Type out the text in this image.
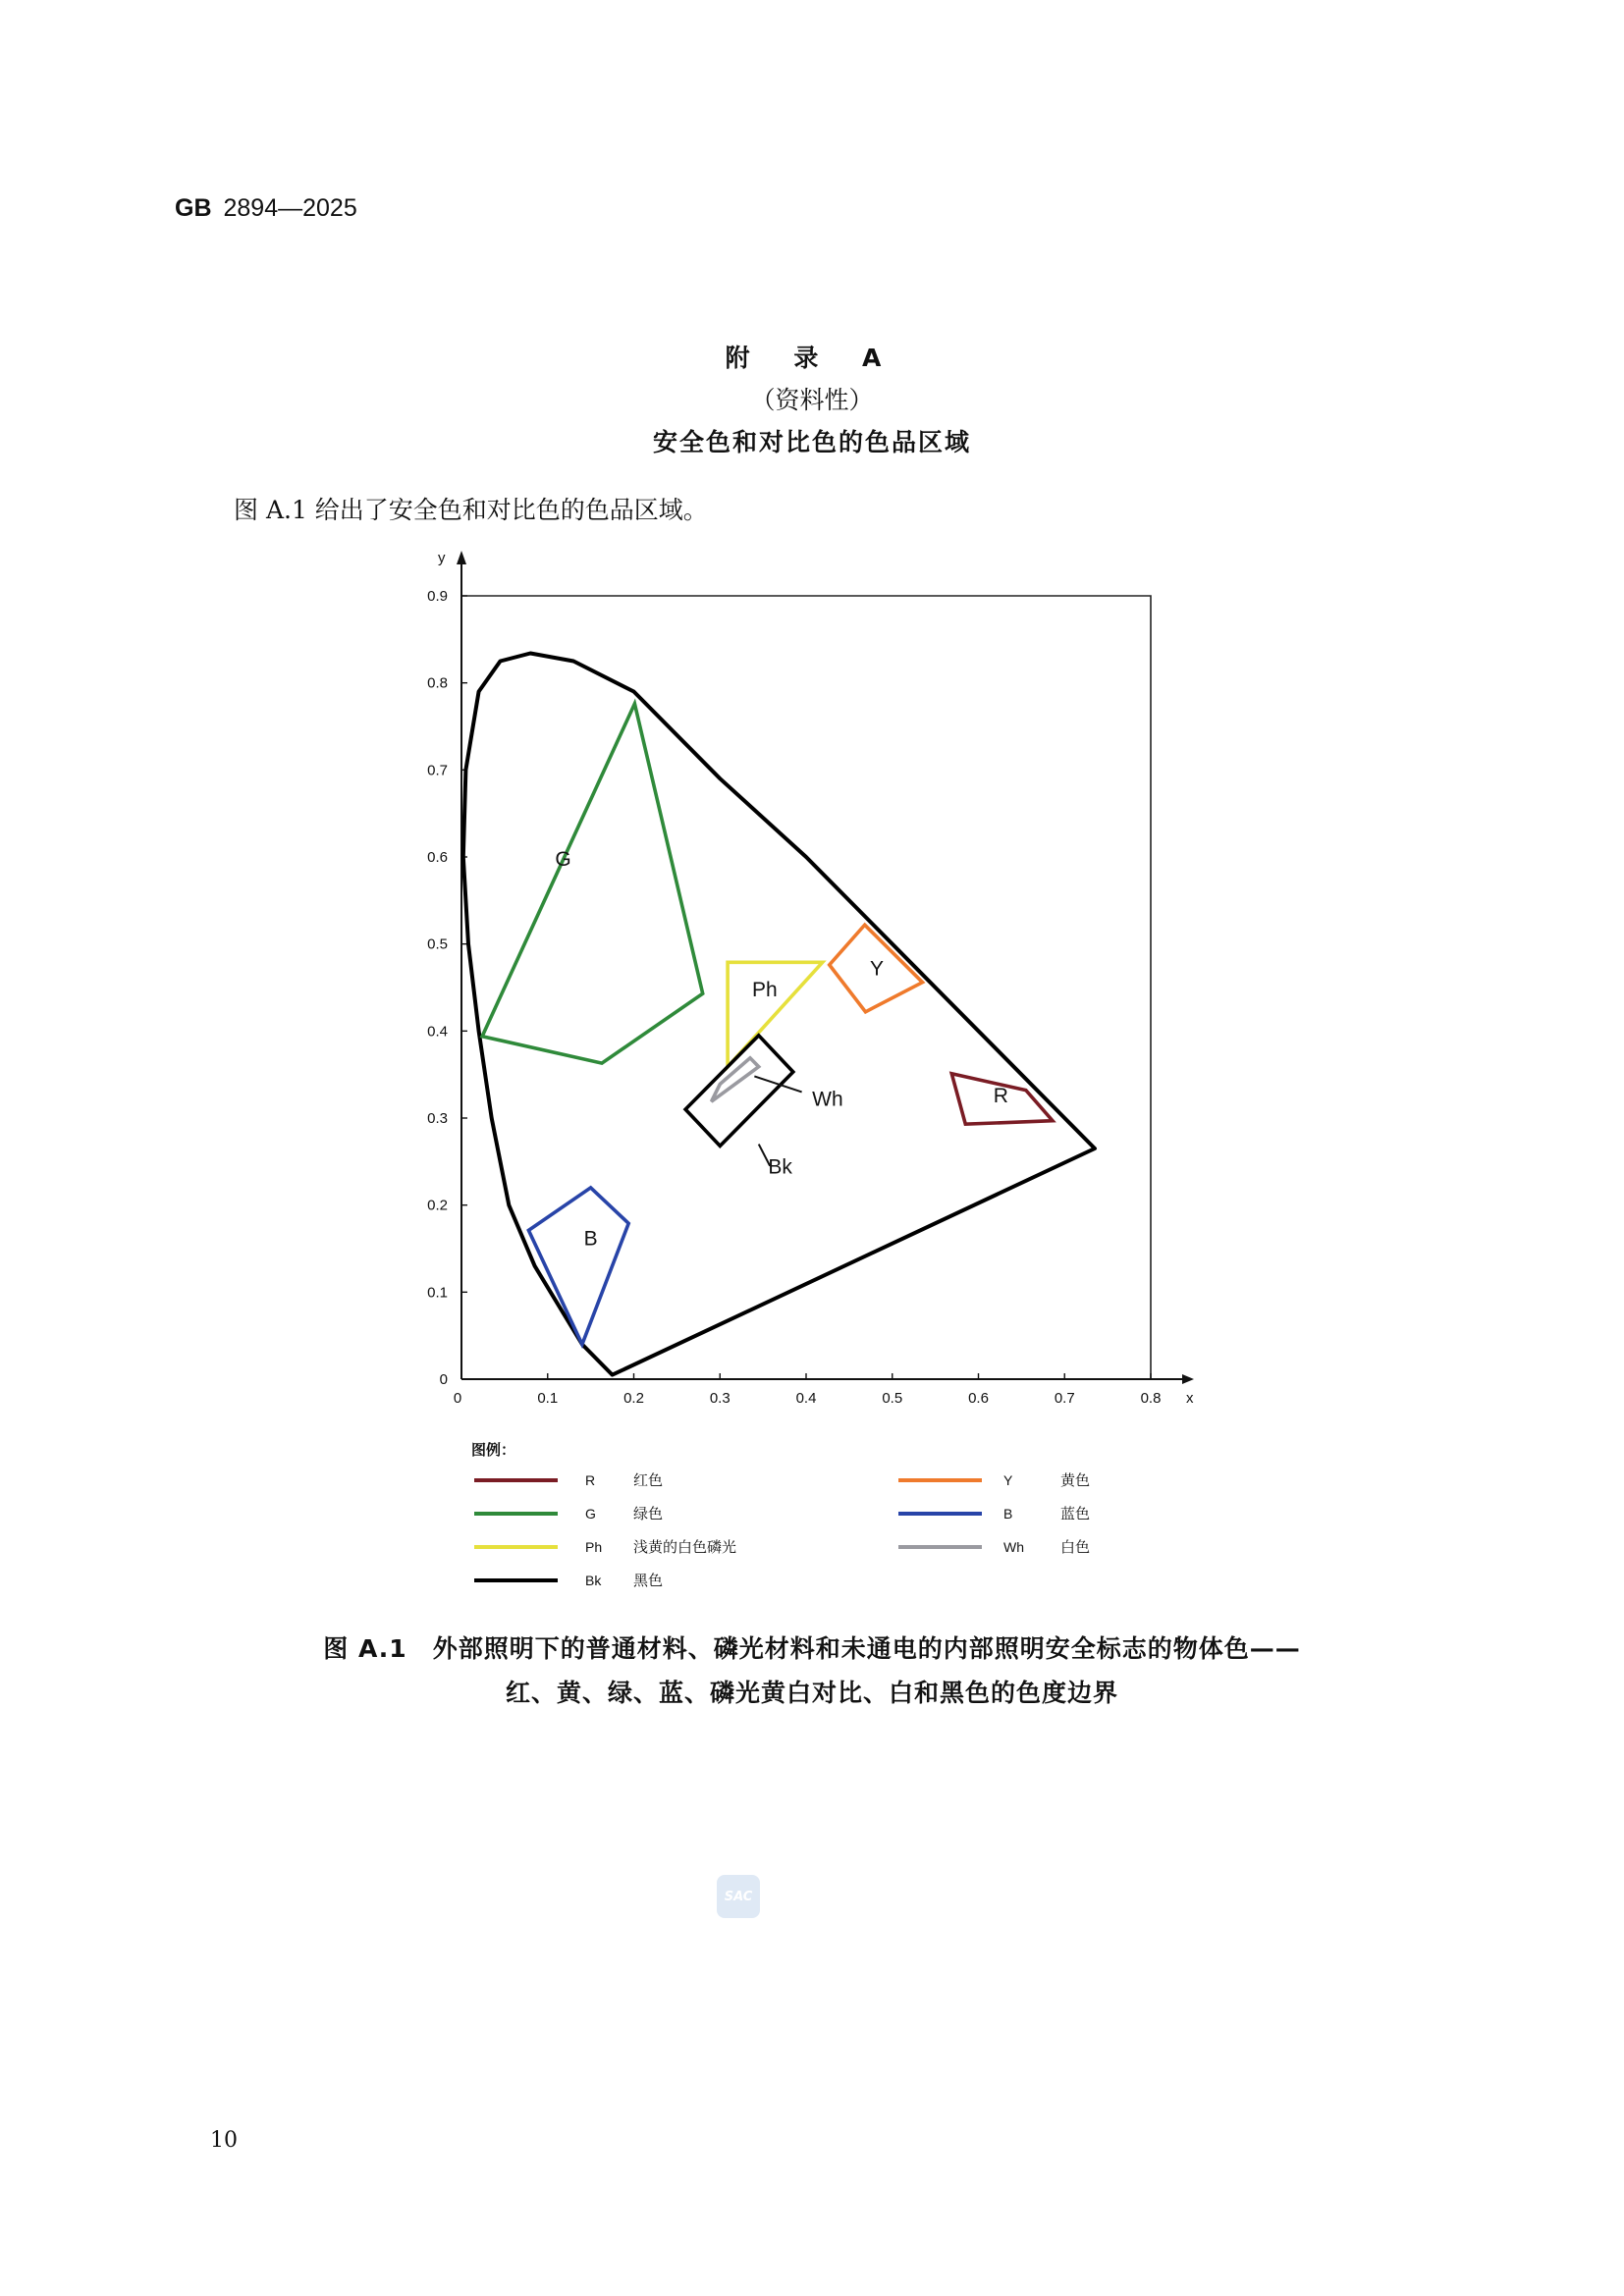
GB 2894—2025
附 录 A
（资料性）
安全色和对比色的色品区域
图 A.1 给出了安全色和对比色的色品区域。
0	0.1	0.2	0.3	0.4	0.5	0.6	0.7	0.8 x
0
0.1
0.2
0.3
0.4
0.5
0.6
0.7
0.8
0.9
y
G
Ph
Y
R
B
Wh
Bk
图例：
R	红色
G	绿色
Ph 浅黄的白色磷光
Bk 黑色
Y	黄色
B	蓝色
Wh 白色
图 A.1　外部照明下的普通材料、磷光材料和未通电的内部照明安全标志的物体色——
红、黄、绿、蓝、磷光黄白对比、白和黑色的色度边界
SAC
10
